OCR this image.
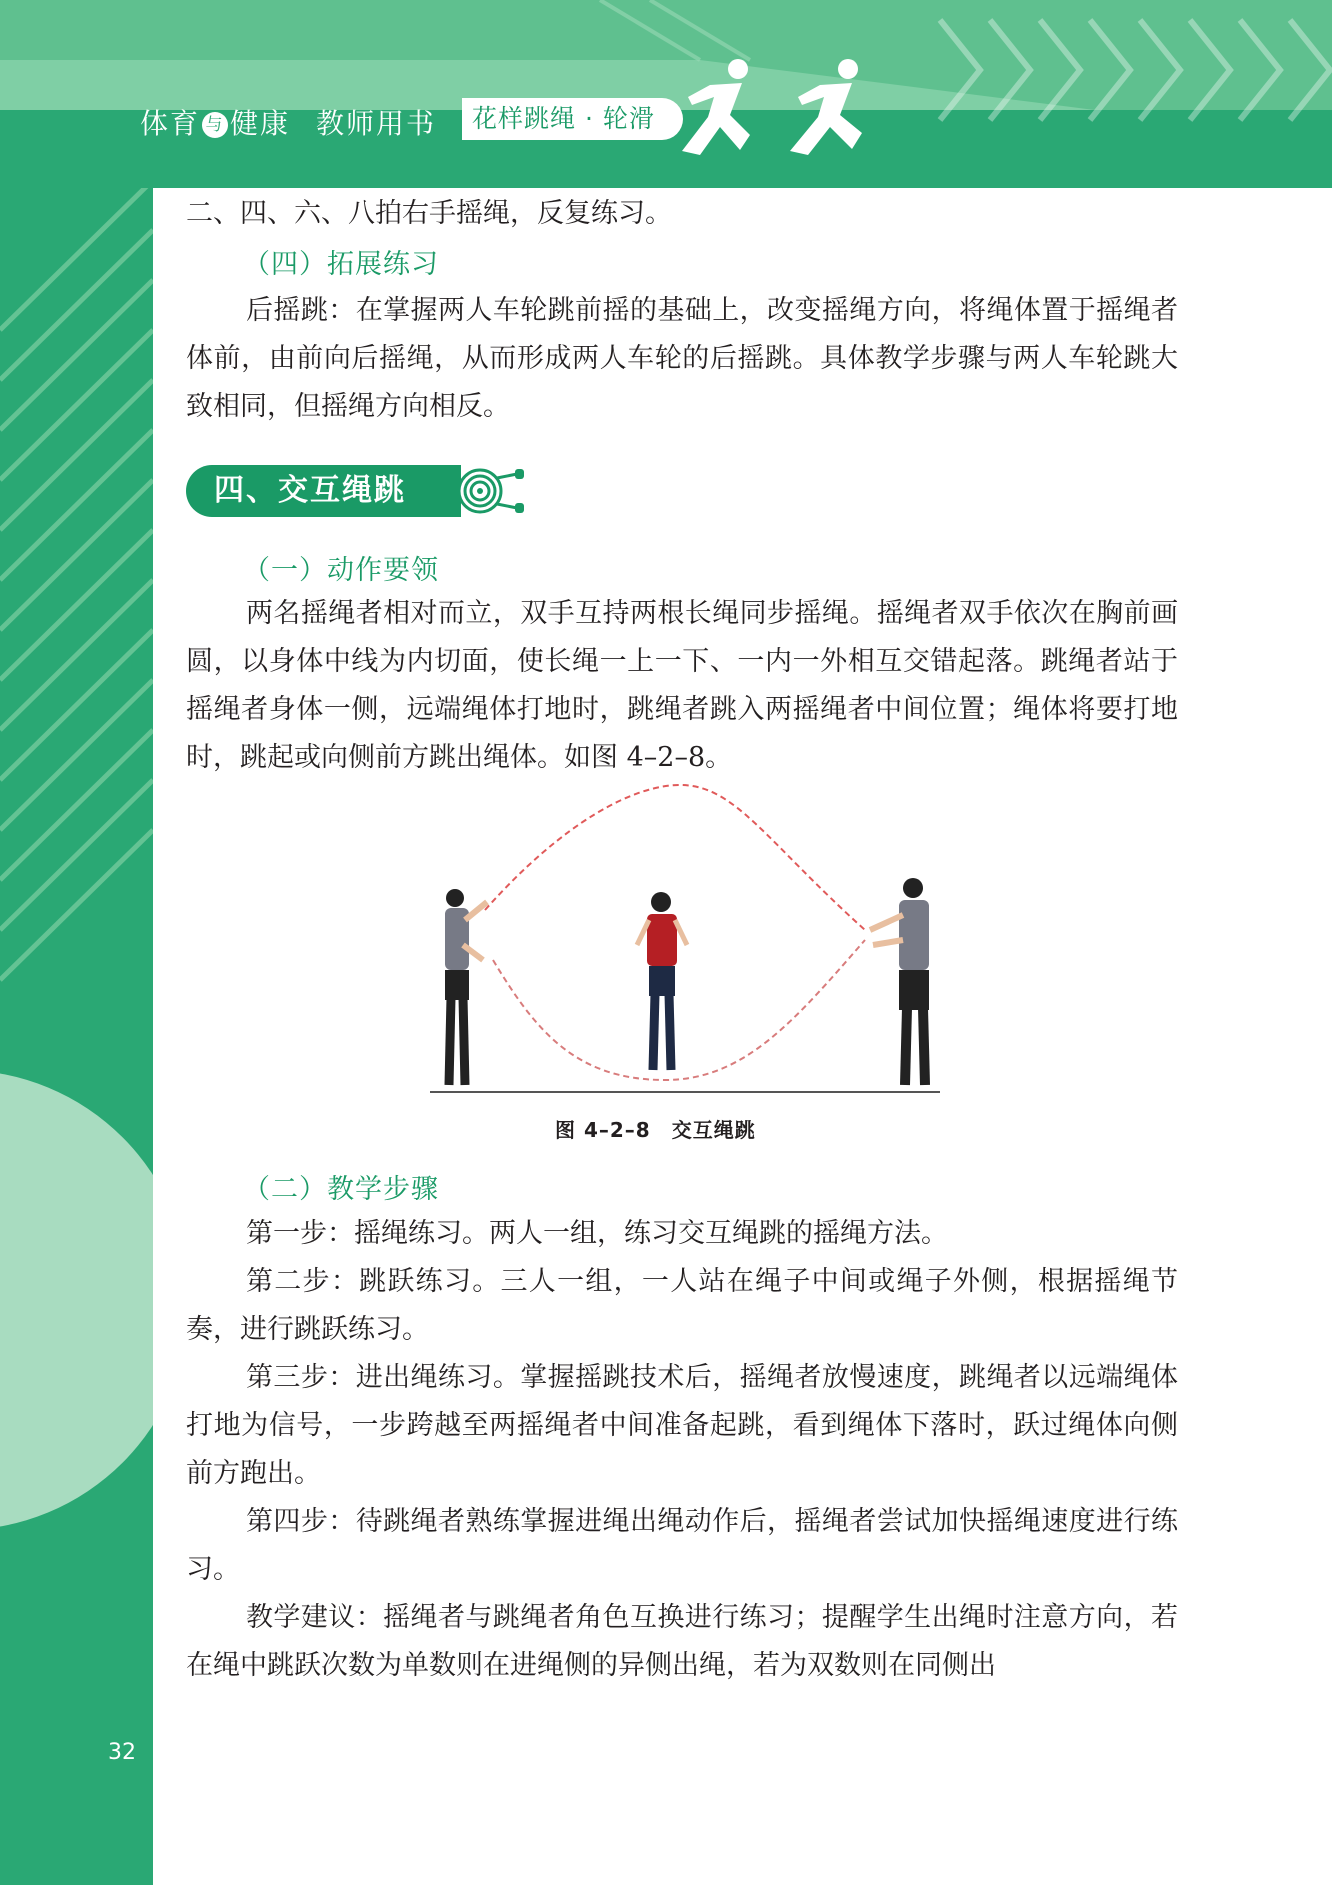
体育 与 健康 教师用书	花样跳绳 · 轮滑

二、四、六、八拍右手摇绳，反复练习。

（四）拓展练习

后摇跳：在掌握两人车轮跳前摇的基础上，改变摇绳方向，将绳体置于摇绳者体前，由前向后摇绳，从而形成两人车轮的后摇跳。具体教学步骤与两人车轮跳大致相同，但摇绳方向相反。

四、交互绳跳
（一）动作要领

两名摇绳者相对而立，双手互持两根长绳同步摇绳。摇绳者双手依次在胸前画圆，以身体中线为内切面，使长绳一上一下、一内一外相互交错起落。跳绳者站于摇绳者身体一侧，远端绳体打地时，跳绳者跳入两摇绳者中间位置；绳体将要打地时，跳起或向侧前方跳出绳体。如图 4–2–8。

图 4–2–8　交互绳跳
（二）教学步骤

第一步：摇绳练习。两人一组，练习交互绳跳的摇绳方法。

第二步：跳跃练习。三人一组，一人站在绳子中间或绳子外侧，根据摇绳节奏，进行跳跃练习。

第三步：进出绳练习。掌握摇跳技术后，摇绳者放慢速度，跳绳者以远端绳体打地为信号，一步跨越至两摇绳者中间准备起跳，看到绳体下落时，跃过绳体向侧前方跑出。

第四步：待跳绳者熟练掌握进绳出绳动作后，摇绳者尝试加快摇绳速度进行练习。

教学建议：摇绳者与跳绳者角色互换进行练习；提醒学生出绳时注意方向，若在绳中跳跃次数为单数则在进绳侧的异侧出绳，若为双数则在同侧出

32
